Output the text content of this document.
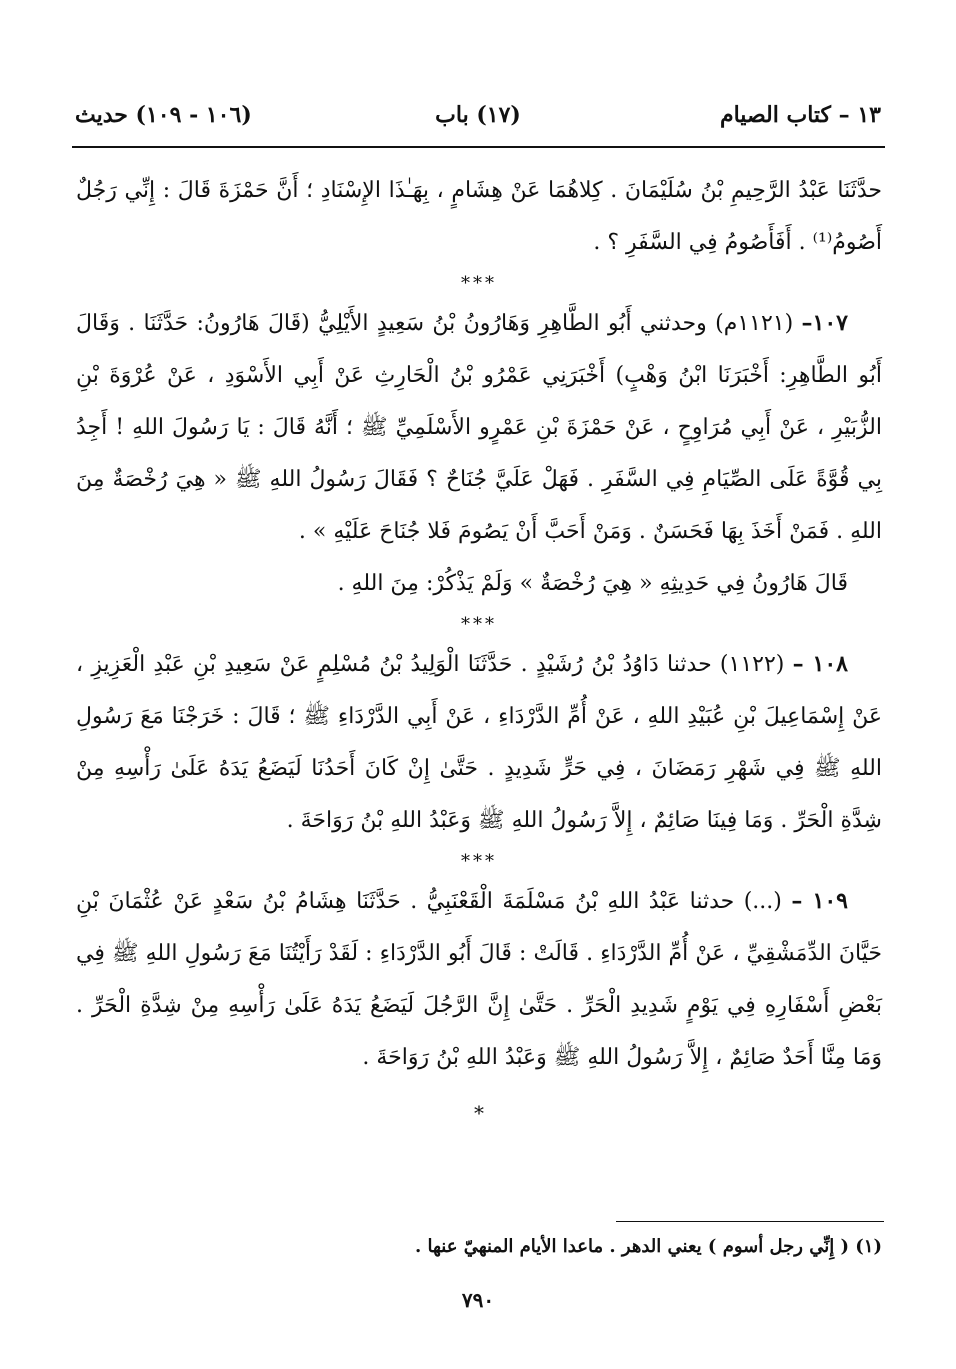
١٣ – كتاب الصيام
(١٧) باب
(١٠٦ - ١٠٩) حديث

حدَّثَنَا عَبْدُ الرَّحِيمِ بْنُ سُلَيْمَانَ . كِلاهُمَا عَنْ هِشَامٍ ، بِهَـٰذَا الإِسْنَادِ ؛ أَنَّ حَمْزَةَ قَالَ : إِنِّي رَجُلٌ أَصُومُ⁽¹⁾ . أَفَأَصُومُ فِي السَّفَرِ ؟ .

***

١٠٧– (١١٢١م) وحدثني أَبُو الطَّاهِرِ وَهَارُونُ بْنُ سَعِيدٍ الأَيْلِيُّ (قَالَ هَارُونُ: حَدَّثَنَا . وَقَالَ أَبُو الطَّاهِرِ: أَخْبَرَنَا ابْنُ وَهْبٍ) أَخْبَرَنِي عَمْرُو بْنُ الْحَارِثِ عَنْ أَبِي الأَسْوَدِ ، عَنْ عُرْوَةَ بْنِ الزُّبَيْرِ ، عَنْ أَبِي مُرَاوِحٍ ، عَنْ حَمْزَةَ بْنِ عَمْرٍو الأَسْلَمِيِّ ﷺ ؛ أَنَّهُ قَالَ : يَا رَسُولَ اللهِ ! أَجِدُ بِي قُوَّةً عَلَى الصِّيَامِ فِي السَّفَرِ . فَهَلْ عَلَيَّ جُنَاحٌ ؟ فَقَالَ رَسُولُ اللهِ ﷺ « هِيَ رُخْصَةٌ مِنَ اللهِ . فَمَنْ أَخَذَ بِهَا فَحَسَنٌ . وَمَنْ أَحَبَّ أَنْ يَصُومَ فَلا جُنَاحَ عَلَيْهِ » .

قَالَ هَارُونُ فِي حَدِيثِهِ « هِيَ رُخْصَةٌ » وَلَمْ يَذْكُرْ: مِنَ اللهِ .

***

١٠٨ – (١١٢٢) حدثنا دَاوُدُ بْنُ رُشَيْدٍ . حَدَّثَنَا الْوَلِيدُ بْنُ مُسْلِمٍ عَنْ سَعِيدِ بْنِ عَبْدِ الْعَزِيزِ ، عَنْ إِسْمَاعِيلَ بْنِ عُبَيْدِ اللهِ ، عَنْ أُمِّ الدَّرْدَاءِ ، عَنْ أَبِي الدَّرْدَاءِ ﷺ ؛ قَالَ : خَرَجْنَا مَعَ رَسُولِ اللهِ ﷺ فِي شَهْرِ رَمَضَانَ ، فِي حَرٍّ شَدِيدٍ . حَتَّىٰ إِنْ كَانَ أَحَدُنَا لَيَضَعُ يَدَهُ عَلَىٰ رَأْسِهِ مِنْ شِدَّةِ الْحَرِّ . وَمَا فِينَا صَائِمٌ ، إِلاَّ رَسُولُ اللهِ ﷺ وَعَبْدُ اللهِ بْنُ رَوَاحَةَ .

***

١٠٩ – (...) حدثنا عَبْدُ اللهِ بْنُ مَسْلَمَةَ الْقَعْنَبِيُّ . حَدَّثَنَا هِشَامُ بْنُ سَعْدٍ عَنْ عُثْمَانَ بْنِ حَيَّانَ الدِّمَشْقِيِّ ، عَنْ أُمِّ الدَّرْدَاءِ . قَالَتْ : قَالَ أَبُو الدَّرْدَاءِ : لَقَدْ رَأَيْتُنَا مَعَ رَسُولِ اللهِ ﷺ فِي بَعْضِ أَسْفَارِهِ فِي يَوْمٍ شَدِيدِ الْحَرِّ . حَتَّىٰ إِنَّ الرَّجُلَ لَيَضَعُ يَدَهُ عَلَىٰ رَأْسِهِ مِنْ شِدَّةِ الْحَرِّ . وَمَا مِنَّا أَحَدٌ صَائِمٌ ، إِلاَّ رَسُولُ اللهِ ﷺ وَعَبْدُ اللهِ بْنُ رَوَاحَةَ .

*

(١) ( إِنِّي رجل أسوم ) يعني الدهر . ماعدا الأيام المنهيّ عنها .
٧٩٠
